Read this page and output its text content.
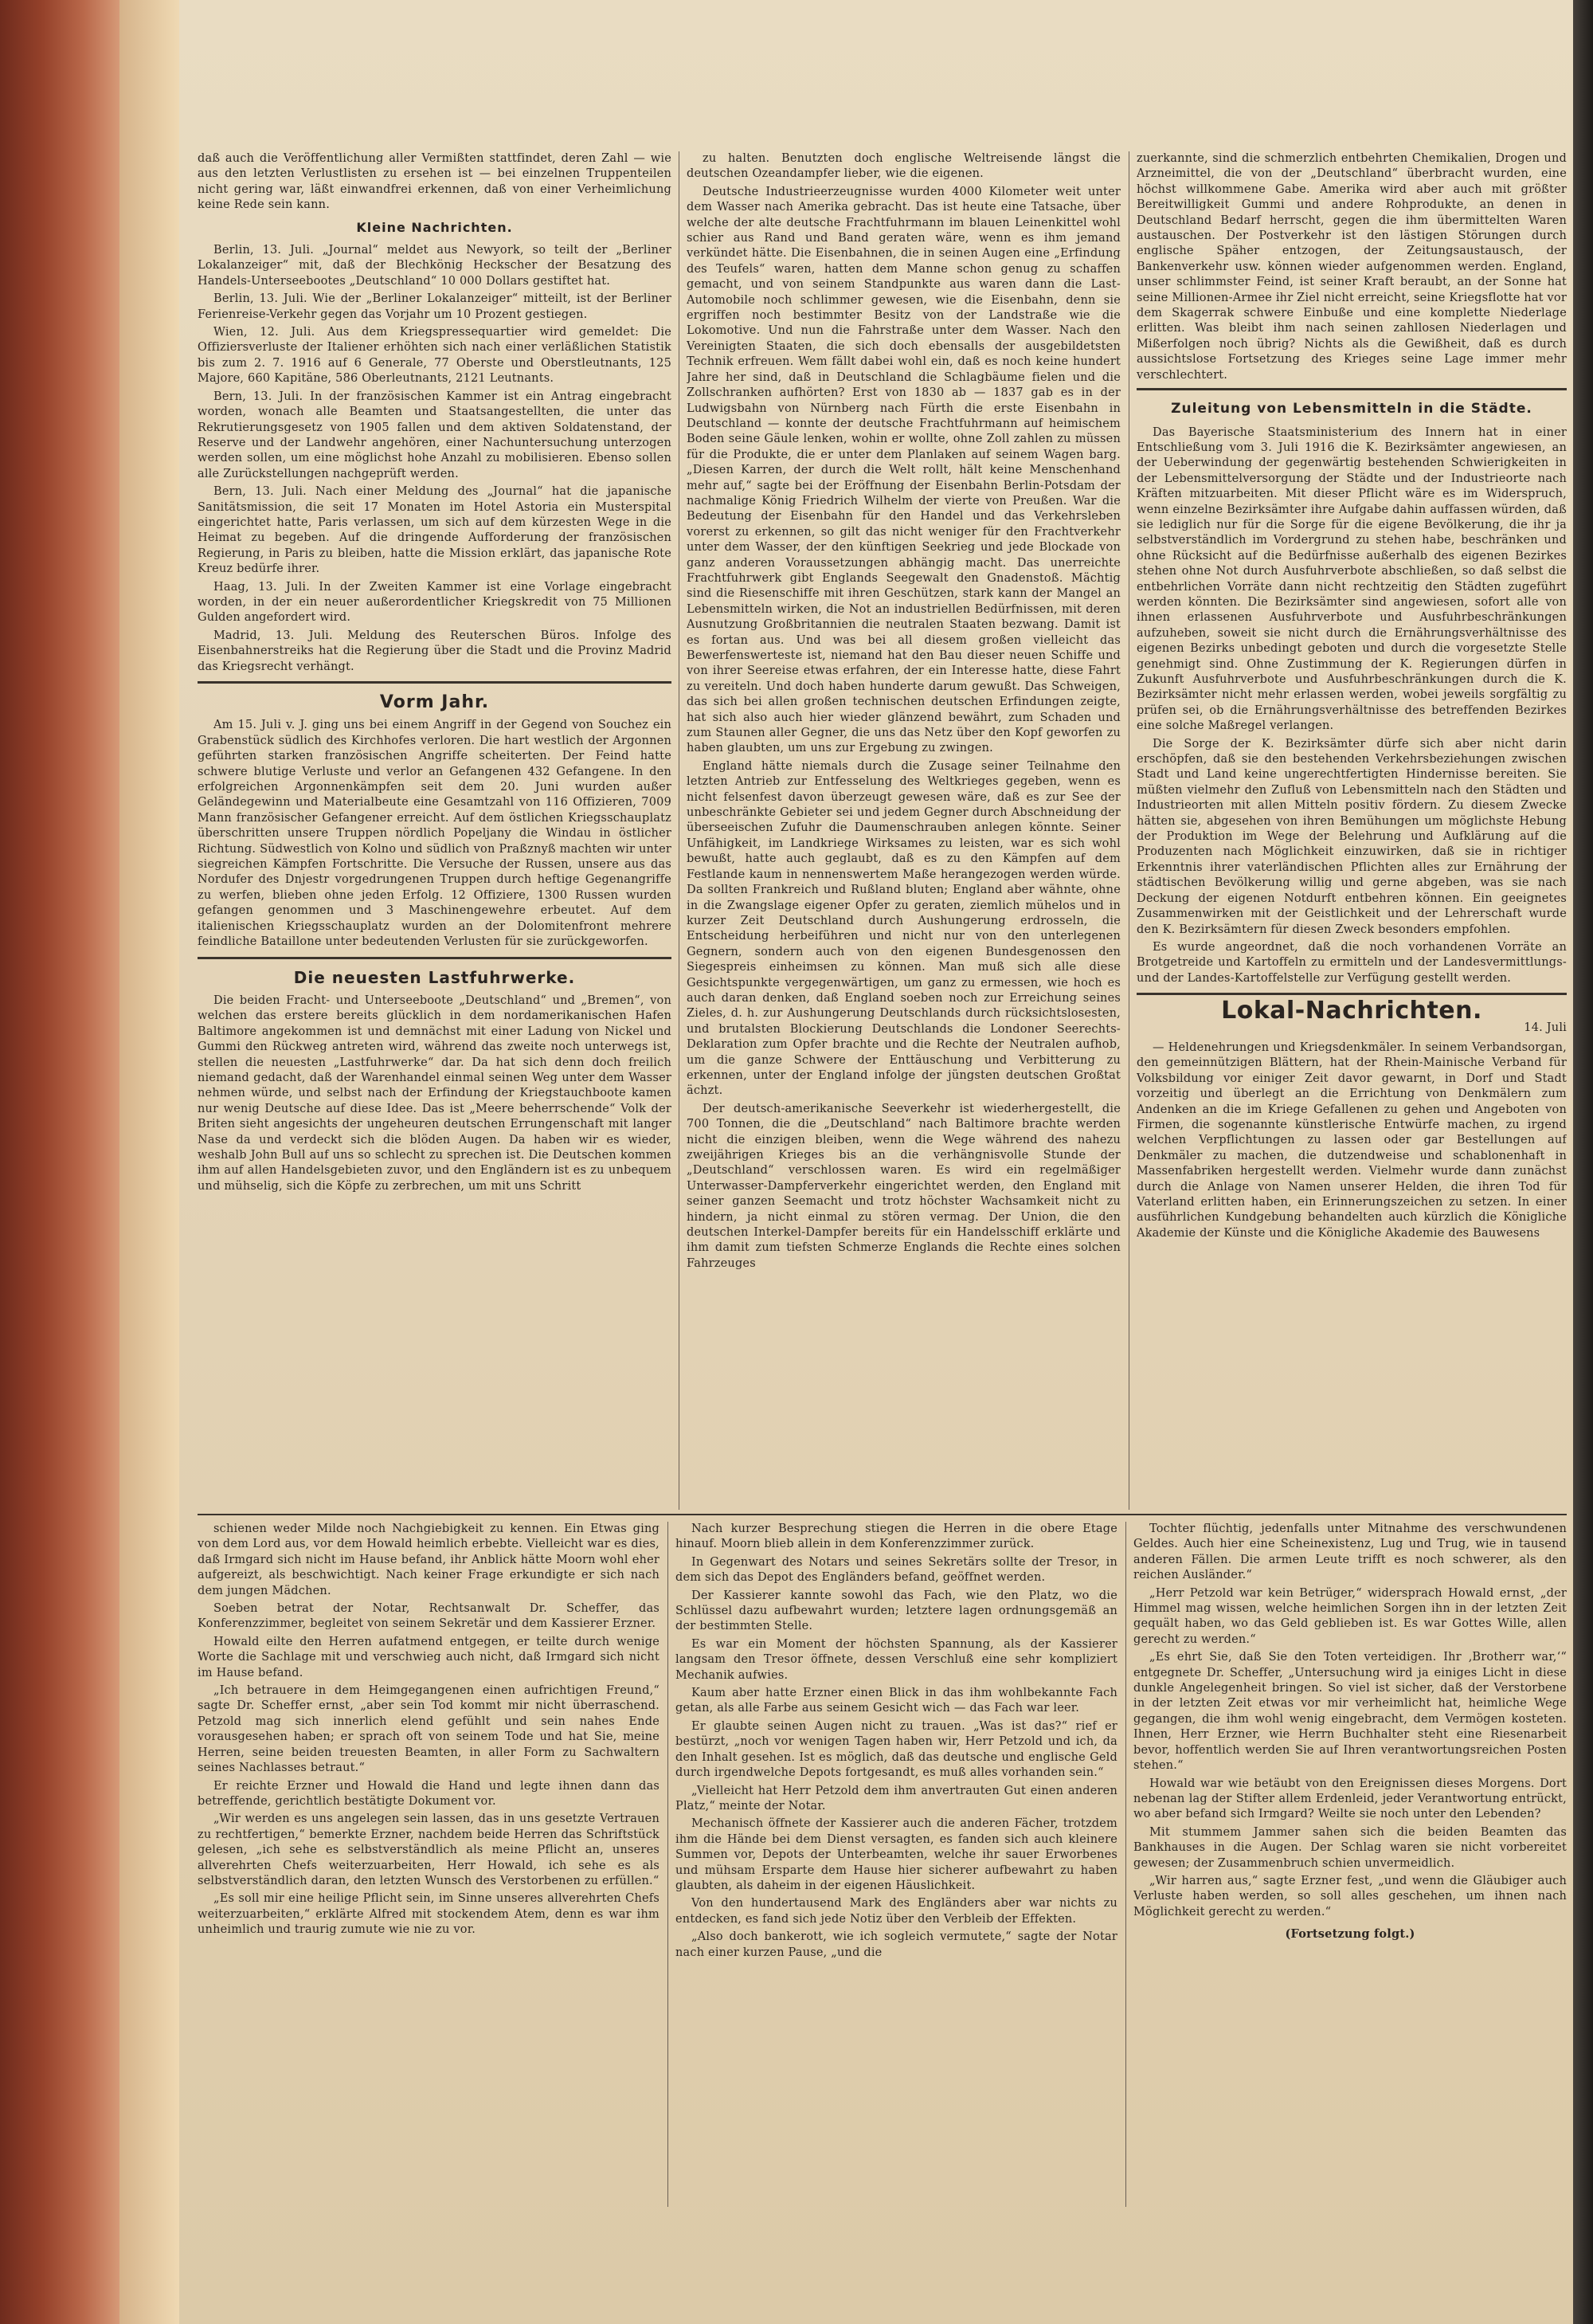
daß auch die Veröffentlichung aller Vermißten stattfindet, deren Zahl — wie aus den letzten Verlustlisten zu ersehen ist — bei einzelnen Truppenteilen nicht gering war, läßt einwandfrei erkennen, daß von einer Verheimlichung keine Rede sein kann.

Kleine Nachrichten.

Berlin, 13. Juli. „Journal“ meldet aus Newyork, so teilt der „Berliner Lokalanzeiger“ mit, daß der Blechkönig Heckscher der Besatzung des Handels-Unterseebootes „Deutschland“ 10 000 Dollars gestiftet hat.

Berlin, 13. Juli. Wie der „Berliner Lokalanzeiger“ mitteilt, ist der Berliner Ferienreise-Verkehr gegen das Vorjahr um 10 Prozent gestiegen.

Wien, 12. Juli. Aus dem Kriegspressequartier wird gemeldet: Die Offiziersverluste der Italiener erhöhten sich nach einer verläßlichen Statistik bis zum 2. 7. 1916 auf 6 Generale, 77 Oberste und Oberstleutnants, 125 Majore, 660 Kapitäne, 586 Oberleutnants, 2121 Leutnants.

Bern, 13. Juli. In der französischen Kammer ist ein Antrag eingebracht worden, wonach alle Beamten und Staatsangestellten, die unter das Rekrutierungsgesetz von 1905 fallen und dem aktiven Soldatenstand, der Reserve und der Landwehr angehören, einer Nachuntersuchung unterzogen werden sollen, um eine möglichst hohe Anzahl zu mobilisieren. Ebenso sollen alle Zurückstellungen nachgeprüft werden.

Bern, 13. Juli. Nach einer Meldung des „Journal“ hat die japanische Sanitätsmission, die seit 17 Monaten im Hotel Astoria ein Musterspital eingerichtet hatte, Paris verlassen, um sich auf dem kürzesten Wege in die Heimat zu begeben. Auf die dringende Aufforderung der französischen Regierung, in Paris zu bleiben, hatte die Mission erklärt, das japanische Rote Kreuz bedürfe ihrer.

Haag, 13. Juli. In der Zweiten Kammer ist eine Vorlage eingebracht worden, in der ein neuer außerordentlicher Kriegskredit von 75 Millionen Gulden angefordert wird.

Madrid, 13. Juli. Meldung des Reuterschen Büros. Infolge des Eisenbahnerstreiks hat die Regierung über die Stadt und die Provinz Madrid das Kriegsrecht verhängt.

Vorm Jahr.

Am 15. Juli v. J. ging uns bei einem Angriff in der Gegend von Souchez ein Grabenstück südlich des Kirchhofes verloren. Die hart westlich der Argonnen geführten starken französischen Angriffe scheiterten. Der Feind hatte schwere blutige Verluste und verlor an Gefangenen 432 Gefangene. In den erfolgreichen Argonnenkämpfen seit dem 20. Juni wurden außer Geländegewinn und Materialbeute eine Gesamtzahl von 116 Offizieren, 7009 Mann französischer Gefangener erreicht. Auf dem östlichen Kriegsschauplatz überschritten unsere Truppen nördlich Popeljany die Windau in östlicher Richtung. Südwestlich von Kolno und südlich von Praßznyß machten wir unter siegreichen Kämpfen Fortschritte. Die Versuche der Russen, unsere aus das Nordufer des Dnjestr vorgedrungenen Truppen durch heftige Gegenangriffe zu werfen, blieben ohne jeden Erfolg. 12 Offiziere, 1300 Russen wurden gefangen genommen und 3 Maschinengewehre erbeutet. Auf dem italienischen Kriegsschauplatz wurden an der Dolomitenfront mehrere feindliche Bataillone unter bedeutenden Verlusten für sie zurückgeworfen.

Die neuesten Lastfuhrwerke.

Die beiden Fracht- und Unterseeboote „Deutschland“ und „Bremen“, von welchen das erstere bereits glücklich in dem nordamerikanischen Hafen Baltimore angekommen ist und demnächst mit einer Ladung von Nickel und Gummi den Rückweg antreten wird, während das zweite noch unterwegs ist, stellen die neuesten „Lastfuhrwerke“ dar. Da hat sich denn doch freilich niemand gedacht, daß der Warenhandel einmal seinen Weg unter dem Wasser nehmen würde, und selbst nach der Erfindung der Kriegstauchboote kamen nur wenig Deutsche auf diese Idee. Das ist „Meere beherrschende“ Volk der Briten sieht angesichts der ungeheuren deutschen Errungenschaft mit langer Nase da und verdeckt sich die blöden Augen. Da haben wir es wieder, weshalb John Bull auf uns so schlecht zu sprechen ist. Die Deutschen kommen ihm auf allen Handelsgebieten zuvor, und den Engländern ist es zu unbequem und mühselig, sich die Köpfe zu zerbrechen, um mit uns Schritt

zu halten. Benutzten doch englische Weltreisende längst die deutschen Ozeandampfer lieber, wie die eigenen.

Deutsche Industrieerzeugnisse wurden 4000 Kilometer weit unter dem Wasser nach Amerika gebracht. Das ist heute eine Tatsache, über welche der alte deutsche Frachtfuhrmann im blauen Leinenkittel wohl schier aus Rand und Band geraten wäre, wenn es ihm jemand verkündet hätte. Die Eisenbahnen, die in seinen Augen eine „Erfindung des Teufels“ waren, hatten dem Manne schon genug zu schaffen gemacht, und von seinem Standpunkte aus waren dann die Last-Automobile noch schlimmer gewesen, wie die Eisenbahn, denn sie ergriffen noch bestimmter Besitz von der Landstraße wie die Lokomotive. Und nun die Fahrstraße unter dem Wasser. Nach den Vereinigten Staaten, die sich doch ebensalls der ausgebildetsten Technik erfreuen. Wem fällt dabei wohl ein, daß es noch keine hundert Jahre her sind, daß in Deutschland die Schlagbäume fielen und die Zollschranken aufhörten? Erst von 1830 ab — 1837 gab es in der Ludwigsbahn von Nürnberg nach Fürth die erste Eisenbahn in Deutschland — konnte der deutsche Frachtfuhrmann auf heimischem Boden seine Gäule lenken, wohin er wollte, ohne Zoll zahlen zu müssen für die Produkte, die er unter dem Planlaken auf seinem Wagen barg. „Diesen Karren, der durch die Welt rollt, hält keine Menschenhand mehr auf,“ sagte bei der Eröffnung der Eisenbahn Berlin-Potsdam der nachmalige König Friedrich Wilhelm der vierte von Preußen. War die Bedeutung der Eisenbahn für den Handel und das Verkehrsleben vorerst zu erkennen, so gilt das nicht weniger für den Frachtverkehr unter dem Wasser, der den künftigen Seekrieg und jede Blockade von ganz anderen Voraussetzungen abhängig macht. Das unerreichte Frachtfuhrwerk gibt Englands Seegewalt den Gnadenstoß. Mächtig sind die Riesenschiffe mit ihren Geschützen, stark kann der Mangel an Lebensmitteln wirken, die Not an industriellen Bedürfnissen, mit deren Ausnutzung Großbritannien die neutralen Staaten bezwang. Damit ist es fortan aus. Und was bei all diesem großen vielleicht das Bewerfenswerteste ist, niemand hat den Bau dieser neuen Schiffe und von ihrer Seereise etwas erfahren, der ein Interesse hatte, diese Fahrt zu vereiteln. Und doch haben hunderte darum gewußt. Das Schweigen, das sich bei allen großen technischen deutschen Erfindungen zeigte, hat sich also auch hier wieder glänzend bewährt, zum Schaden und zum Staunen aller Gegner, die uns das Netz über den Kopf geworfen zu haben glaubten, um uns zur Ergebung zu zwingen.

England hätte niemals durch die Zusage seiner Teilnahme den letzten Antrieb zur Entfesselung des Weltkrieges gegeben, wenn es nicht felsenfest davon überzeugt gewesen wäre, daß es zur See der unbeschränkte Gebieter sei und jedem Gegner durch Abschneidung der überseeischen Zufuhr die Daumenschrauben anlegen könnte. Seiner Unfähigkeit, im Landkriege Wirksames zu leisten, war es sich wohl bewußt, hatte auch geglaubt, daß es zu den Kämpfen auf dem Festlande kaum in nennenswertem Maße herangezogen werden würde. Da sollten Frankreich und Rußland bluten; England aber wähnte, ohne in die Zwangslage eigener Opfer zu geraten, ziemlich mühelos und in kurzer Zeit Deutschland durch Aushungerung erdrosseln, die Entscheidung herbeiführen und nicht nur von den unterlegenen Gegnern, sondern auch von den eigenen Bundesgenossen den Siegespreis einheimsen zu können. Man muß sich alle diese Gesichtspunkte vergegenwärtigen, um ganz zu ermessen, wie hoch es auch daran denken, daß England soeben noch zur Erreichung seines Zieles, d. h. zur Aushungerung Deutschlands durch rücksichtslosesten, und brutalsten Blockierung Deutschlands die Londoner Seerechts-Deklaration zum Opfer brachte und die Rechte der Neutralen aufhob, um die ganze Schwere der Enttäuschung und Verbitterung zu erkennen, unter der England infolge der jüngsten deutschen Großtat ächzt.

Der deutsch-amerikanische Seeverkehr ist wiederhergestellt, die 700 Tonnen, die die „Deutschland“ nach Baltimore brachte werden nicht die einzigen bleiben, wenn die Wege während des nahezu zweijährigen Krieges bis an die verhängnisvolle Stunde der „Deutschland“ verschlossen waren. Es wird ein regelmäßiger Unterwasser-Dampferverkehr eingerichtet werden, den England mit seiner ganzen Seemacht und trotz höchster Wachsamkeit nicht zu hindern, ja nicht einmal zu stören vermag. Der Union, die den deutschen Interkel-Dampfer bereits für ein Handelsschiff erklärte und ihm damit zum tiefsten Schmerze Englands die Rechte eines solchen Fahrzeuges

zuerkannte, sind die schmerzlich entbehrten Chemikalien, Drogen und Arzneimittel, die von der „Deutschland“ überbracht wurden, eine höchst willkommene Gabe. Amerika wird aber auch mit größter Bereitwilligkeit Gummi und andere Rohprodukte, an denen in Deutschland Bedarf herrscht, gegen die ihm übermittelten Waren austauschen. Der Postverkehr ist den lästigen Störungen durch englische Späher entzogen, der Zeitungsaustausch, der Bankenverkehr usw. können wieder aufgenommen werden. England, unser schlimmster Feind, ist seiner Kraft beraubt, an der Sonne hat seine Millionen-Armee ihr Ziel nicht erreicht, seine Kriegsflotte hat vor dem Skagerrak schwere Einbuße und eine komplette Niederlage erlitten. Was bleibt ihm nach seinen zahllosen Niederlagen und Mißerfolgen noch übrig? Nichts als die Gewißheit, daß es durch aussichtslose Fortsetzung des Krieges seine Lage immer mehr verschlechtert.

Zuleitung von Lebensmitteln in die Städte.

Das Bayerische Staatsministerium des Innern hat in einer Entschließung vom 3. Juli 1916 die K. Bezirksämter angewiesen, an der Ueberwindung der gegenwärtig bestehenden Schwierigkeiten in der Lebensmittelversorgung der Städte und der Industrieorte nach Kräften mitzuarbeiten. Mit dieser Pflicht wäre es im Widerspruch, wenn einzelne Bezirksämter ihre Aufgabe dahin auffassen würden, daß sie lediglich nur für die Sorge für die eigene Bevölkerung, die ihr ja selbstverständlich im Vordergrund zu stehen habe, beschränken und ohne Rücksicht auf die Bedürfnisse außerhalb des eigenen Bezirkes stehen ohne Not durch Ausfuhrverbote abschließen, so daß selbst die entbehrlichen Vorräte dann nicht rechtzeitig den Städten zugeführt werden könnten. Die Bezirksämter sind angewiesen, sofort alle von ihnen erlassenen Ausfuhrverbote und Ausfuhrbeschränkungen aufzuheben, soweit sie nicht durch die Ernährungsverhältnisse des eigenen Bezirks unbedingt geboten und durch die vorgesetzte Stelle genehmigt sind. Ohne Zustimmung der K. Regierungen dürfen in Zukunft Ausfuhrverbote und Ausfuhrbeschränkungen durch die K. Bezirksämter nicht mehr erlassen werden, wobei jeweils sorgfältig zu prüfen sei, ob die Ernährungsverhältnisse des betreffenden Bezirkes eine solche Maßregel verlangen.

Die Sorge der K. Bezirksämter dürfe sich aber nicht darin erschöpfen, daß sie den bestehenden Verkehrsbeziehungen zwischen Stadt und Land keine ungerechtfertigten Hindernisse bereiten. Sie müßten vielmehr den Zufluß von Lebensmitteln nach den Städten und Industrieorten mit allen Mitteln positiv fördern. Zu diesem Zwecke hätten sie, abgesehen von ihren Bemühungen um möglichste Hebung der Produktion im Wege der Belehrung und Aufklärung auf die Produzenten nach Möglichkeit einzuwirken, daß sie in richtiger Erkenntnis ihrer vaterländischen Pflichten alles zur Ernährung der städtischen Bevölkerung willig und gerne abgeben, was sie nach Deckung der eigenen Notdurft entbehren können. Ein geeignetes Zusammenwirken mit der Geistlichkeit und der Lehrerschaft wurde den K. Bezirksämtern für diesen Zweck besonders empfohlen.

Es wurde angeordnet, daß die noch vorhandenen Vorräte an Brotgetreide und Kartoffeln zu ermitteln und der Landesvermittlungs- und der Landes-Kartoffelstelle zur Verfügung gestellt werden.

Lokal-Nachrichten.
14. Juli

— Heldenehrungen und Kriegsdenkmäler. In seinem Verbandsorgan, den gemeinnützigen Blättern, hat der Rhein-Mainische Verband für Volksbildung vor einiger Zeit davor gewarnt, in Dorf und Stadt vorzeitig und überlegt an die Errichtung von Denkmälern zum Andenken an die im Kriege Gefallenen zu gehen und Angeboten von Firmen, die sogenannte künstlerische Entwürfe machen, zu irgend welchen Verpflichtungen zu lassen oder gar Bestellungen auf Denkmäler zu machen, die dutzendweise und schablonenhaft in Massenfabriken hergestellt werden. Vielmehr wurde dann zunächst durch die Anlage von Namen unserer Helden, die ihren Tod für Vaterland erlitten haben, ein Erinnerungszeichen zu setzen. In einer ausführlichen Kundgebung behandelten auch kürzlich die Königliche Akademie der Künste und die Königliche Akademie des Bauwesens

schienen weder Milde noch Nachgiebigkeit zu kennen. Ein Etwas ging von dem Lord aus, vor dem Howald heimlich erbebte. Vielleicht war es dies, daß Irmgard sich nicht im Hause befand, ihr Anblick hätte Moorn wohl eher aufgereizt, als beschwichtigt. Nach keiner Frage erkundigte er sich nach dem jungen Mädchen.

Soeben betrat der Notar, Rechtsanwalt Dr. Scheffer, das Konferenzzimmer, begleitet von seinem Sekretär und dem Kassierer Erzner.

Howald eilte den Herren aufatmend entgegen, er teilte durch wenige Worte die Sachlage mit und verschwieg auch nicht, daß Irmgard sich nicht im Hause befand.

„Ich betrauere in dem Heimgegangenen einen aufrichtigen Freund,“ sagte Dr. Scheffer ernst, „aber sein Tod kommt mir nicht überraschend. Petzold mag sich innerlich elend gefühlt und sein nahes Ende vorausgesehen haben; er sprach oft von seinem Tode und hat Sie, meine Herren, seine beiden treuesten Beamten, in aller Form zu Sachwaltern seines Nachlasses betraut.“

Er reichte Erzner und Howald die Hand und legte ihnen dann das betreffende, gerichtlich bestätigte Dokument vor.

„Wir werden es uns angelegen sein lassen, das in uns gesetzte Vertrauen zu rechtfertigen,“ bemerkte Erzner, nachdem beide Herren das Schriftstück gelesen, „ich sehe es selbstverständlich als meine Pflicht an, unseres allverehrten Chefs weiterzuarbeiten, Herr Howald, ich sehe es als selbstverständlich daran, den letzten Wunsch des Verstorbenen zu erfüllen.“

„Es soll mir eine heilige Pflicht sein, im Sinne unseres allverehrten Chefs weiterzuarbeiten,“ erklärte Alfred mit stockendem Atem, denn es war ihm unheimlich und traurig zumute wie nie zu vor.

Nach kurzer Besprechung stiegen die Herren in die obere Etage hinauf. Moorn blieb allein in dem Konferenzzimmer zurück.

In Gegenwart des Notars und seines Sekretärs sollte der Tresor, in dem sich das Depot des Engländers befand, geöffnet werden.

Der Kassierer kannte sowohl das Fach, wie den Platz, wo die Schlüssel dazu aufbewahrt wurden; letztere lagen ordnungsgemäß an der bestimmten Stelle.

Es war ein Moment der höchsten Spannung, als der Kassierer langsam den Tresor öffnete, dessen Verschluß eine sehr kompliziert Mechanik aufwies.

Kaum aber hatte Erzner einen Blick in das ihm wohlbekannte Fach getan, als alle Farbe aus seinem Gesicht wich — das Fach war leer.

Er glaubte seinen Augen nicht zu trauen. „Was ist das?“ rief er bestürzt, „noch vor wenigen Tagen haben wir, Herr Petzold und ich, da den Inhalt gesehen. Ist es möglich, daß das deutsche und englische Geld durch irgendwelche Depots fortgesandt, es muß alles vorhanden sein.“

„Vielleicht hat Herr Petzold dem ihm anvertrauten Gut einen anderen Platz,“ meinte der Notar.

Mechanisch öffnete der Kassierer auch die anderen Fächer, trotzdem ihm die Hände bei dem Dienst versagten, es fanden sich auch kleinere Summen vor, Depots der Unterbeamten, welche ihr sauer Erworbenes und mühsam Ersparte dem Hause hier sicherer aufbewahrt zu haben glaubten, als daheim in der eigenen Häuslichkeit.

Von den hundertausend Mark des Engländers aber war nichts zu entdecken, es fand sich jede Notiz über den Verbleib der Effekten.

„Also doch bankerott, wie ich sogleich vermutete,“ sagte der Notar nach einer kurzen Pause, „und die

Tochter flüchtig, jedenfalls unter Mitnahme des verschwundenen Geldes. Auch hier eine Scheinexistenz, Lug und Trug, wie in tausend anderen Fällen. Die armen Leute trifft es noch schwerer, als den reichen Ausländer.“

„Herr Petzold war kein Betrüger,“ widersprach Howald ernst, „der Himmel mag wissen, welche heimlichen Sorgen ihn in der letzten Zeit gequält haben, wo das Geld geblieben ist. Es war Gottes Wille, allen gerecht zu werden.“

„Es ehrt Sie, daß Sie den Toten verteidigen. Ihr ‚Brotherr war,‘“ entgegnete Dr. Scheffer, „Untersuchung wird ja einiges Licht in diese dunkle Angelegenheit bringen. So viel ist sicher, daß der Verstorbene in der letzten Zeit etwas vor mir verheimlicht hat, heimliche Wege gegangen, die ihm wohl wenig eingebracht, dem Vermögen kosteten. Ihnen, Herr Erzner, wie Herrn Buchhalter steht eine Riesenarbeit bevor, hoffentlich werden Sie auf Ihren verantwortungsreichen Posten stehen.“

Howald war wie betäubt von den Ereignissen dieses Morgens. Dort nebenan lag der Stifter allem Erdenleid, jeder Verantwortung entrückt, wo aber befand sich Irmgard? Weilte sie noch unter den Lebenden?

Mit stummem Jammer sahen sich die beiden Beamten das Bankhauses in die Augen. Der Schlag waren sie nicht vorbereitet gewesen; der Zusammenbruch schien unvermeidlich.

„Wir harren aus,“ sagte Erzner fest, „und wenn die Gläubiger auch Verluste haben werden, so soll alles geschehen, um ihnen nach Möglichkeit gerecht zu werden.“

(Fortsetzung folgt.)
